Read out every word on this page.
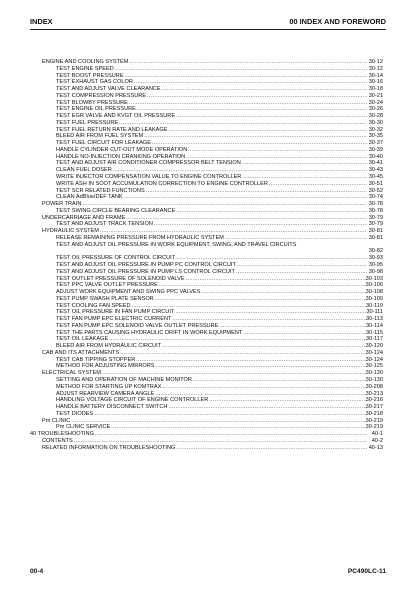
INDEX	00 INDEX AND FOREWORD
ENGINE AND COOLING SYSTEM .....	30-12
TEST ENGINE SPEED .....	30-12
TEST BOOST PRESSURE .....	30-14
TEST EXHAUST GAS COLOR .....	30-16
TEST AND ADJUST VALVE CLEARANCE .....	30-18
TEST COMPRESSION PRESSURE .....	30-21
TEST BLOWBY PRESSURE .....	30-24
TEST ENGINE OIL PRESSURE .....	30-26
TEST EGR VALVE AND KVGT OIL PRESSURE .....	30-28
TEST FUEL PRESSURE .....	30-30
TEST FUEL RETURN RATE AND LEAKAGE .....	30-32
BLEED AIR FROM FUEL SYSTEM .....	30-35
TEST FUEL CIRCUIT FOR LEAKAGE .....	30-37
HANDLE CYLINDER CUT-OUT MODE OPERATION .....	30-39
HANDLE NO-INJECTION CRANKING OPERATION .....	30-40
TEST AND ADJUST AIR CONDITIONER COMPRESSOR BELT TENSION .....	30-41
CLEAN FUEL DOSER .....	30-43
WRITE INJECTOR COMPENSATION VALUE TO ENGINE CONTROLLER .....	30-45
WRITE ASH IN SOOT ACCUMULATION CORRECTION TO ENGINE CONTROLLER .....	30-51
TEST SCR RELATED FUNCTIONS .....	30-52
CLEAN AdBlue/DEF TANK .....	30-74
POWER TRAIN .....	30-78
TEST SWING CIRCLE BEARING CLEARANCE .....	30-78
UNDERCARRIAGE AND FRAME .....	30-79
TEST AND ADJUST TRACK TENSION .....	30-79
HYDRAULIC SYSTEM .....	30-81
RELEASE REMAINING PRESSURE FROM HYDRAULIC SYSTEM .....	30-81
TEST AND ADJUST OIL PRESSURE IN WORK EQUIPMENT, SWING, AND TRAVEL CIRCUITS
30-82
TEST OIL PRESSURE OF CONTROL CIRCUIT .....	30-93
TEST AND ADJUST OIL PRESSURE IN PUMP PC CONTROL CIRCUIT .....	30-95
TEST AND ADJUST OIL PRESSURE IN PUMP LS CONTROL CIRCUIT .....	30-98
TEST OUTLET PRESSURE OF SOLENOID VALVE .....	30-103
TEST PPC VALVE OUTLET PRESSURE .....	30-106
ADJUST WORK EQUIPMENT AND SWING PPC VALVES .....	30-108
TEST PUMP SWASH PLATE SENSOR .....	30-109
TEST COOLING FAN SPEED .....	30-110
TEST OIL PRESSURE IN FAN PUMP CIRCUIT .....	30-111
TEST FAN PUMP EPC ELECTRIC CURRENT .....	30-113
TEST FAN PUMP EPC SOLENOID VALVE OUTLET PRESSURE .....	30-114
TEST THE PARTS CAUSING HYDRAULIC DRIFT IN WORK EQUIPMENT .....	30-115
TEST OIL LEAKAGE .....	30-117
BLEED AIR FROM HYDRAULIC CIRCUIT .....	30-120
CAB AND ITS ATTACHMENTS .....	30-124
TEST CAB TIPPING STOPPER .....	30-124
METHOD FOR ADJUSTING MIRRORS .....	30-125
ELECTRICAL SYSTEM .....	30-130
SETTING AND OPERATION OF MACHINE MONITOR .....	30-130
METHOD FOR STARTING UP KOMTRAX .....	30-208
ADJUST REARVIEW CAMERA ANGLE .....	30-213
HANDLING VOLTAGE CIRCUIT OF ENGINE CONTROLLER .....	30-216
HANDLE BATTERY DISCONNECT SWITCH .....	30-217
TEST DIODES .....	30-218
Pm CLINIC .....	30-219
Pm CLINIC SERVICE .....	30-219
40 TROUBLESHOOTING .....	40-1
CONTENTS .....	40-2
RELATED INFORMATION ON TROUBLESHOOTING .....	40-13
00-4	PC490LC-11
